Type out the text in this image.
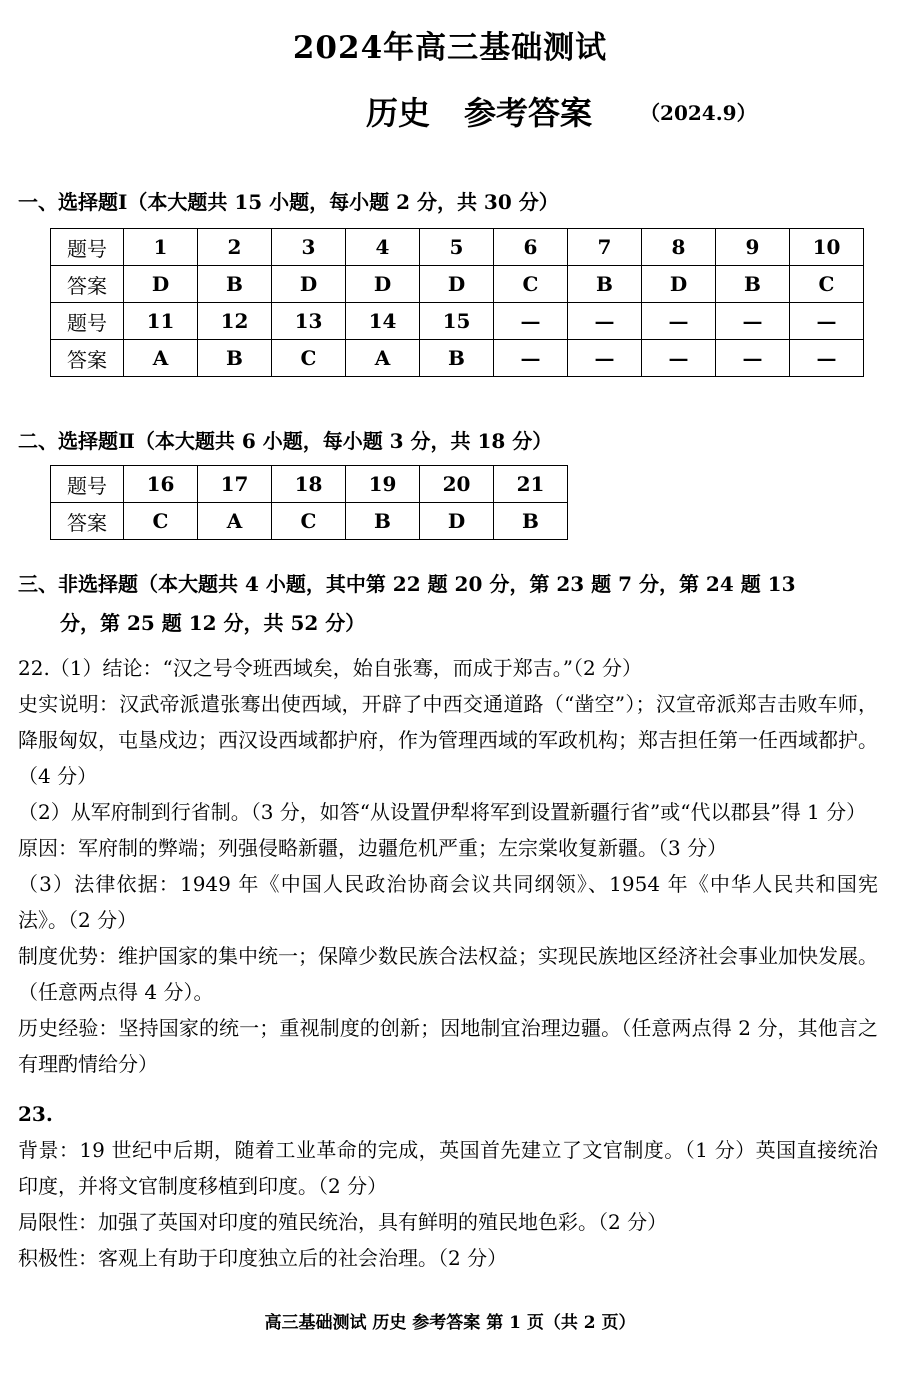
2024年高三基础测试
历史 参考答案 （2024.9）
一、选择题Ⅰ（本大题共 15 小题，每小题 2 分，共 30 分）
题号	1	2	3	4	5	6	7	8	9	10
答案	D	B	D	D	D	C	B	D	B	C
题号	11	12	13	14	15	—	—	—	—	—
答案	A	B	C	A	B	—	—	—	—	—
二、选择题Ⅱ（本大题共 6 小题，每小题 3 分，共 18 分）
题号	16	17	18	19	20	21
答案	C	A	C	B	D	B
三、非选择题（本大题共 4 小题，其中第 22 题 20 分，第 23 题 7 分，第 24 题 13
分，第 25 题 12 分，共 52 分）

22.（1）结论：“汉之号令班西域矣，始自张骞，而成于郑吉。”（2 分）

史实说明：汉武帝派遣张骞出使西域，开辟了中西交通道路（“凿空”）；汉宣帝派郑吉击败车师，降服匈奴，屯垦戍边；西汉设西域都护府，作为管理西域的军政机构；郑吉担任第一任西域都护。（4 分）

（2）从军府制到行省制。（3 分，如答“从设置伊犁将军到设置新疆行省”或“代以郡县”得 1 分）

原因：军府制的弊端；列强侵略新疆，边疆危机严重；左宗棠收复新疆。（3 分）

（3）法律依据：1949 年《中国人民政治协商会议共同纲领》、1954 年《中华人民共和国宪法》。（2 分）

制度优势：维护国家的集中统一；保障少数民族合法权益；实现民族地区经济社会事业加快发展。（任意两点得 4 分）。

历史经验：坚持国家的统一；重视制度的创新；因地制宜治理边疆。（任意两点得 2 分，其他言之有理酌情给分）

23.

背景：19 世纪中后期，随着工业革命的完成，英国首先建立了文官制度。（1 分）英国直接统治印度，并将文官制度移植到印度。（2 分）

局限性：加强了英国对印度的殖民统治，具有鲜明的殖民地色彩。（2 分）

积极性：客观上有助于印度独立后的社会治理。（2 分）

高三基础测试 历史 参考答案 第 1 页（共 2 页）
